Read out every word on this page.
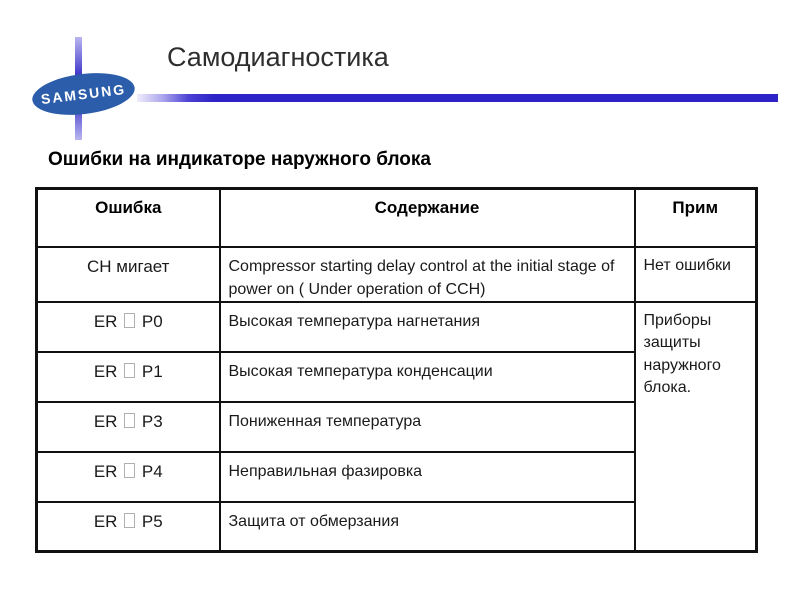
SAMSUNG
Самодиагностика
Ошибки на индикаторе наружного блока
Ошибка	Содержание	Прим
CH мигает	Compressor starting delay control at the initial stage of power on ( Under operation of CCH)	Нет ошибки
ER  P0	Высокая температура нагнетания	Приборы защиты наружного блока.
ER  P1	Высокая температура конденсации	
ER  P3	Пониженная температура	
ER  P4	Неправильная фазировка	
ER  P5	Защита от обмерзания	
